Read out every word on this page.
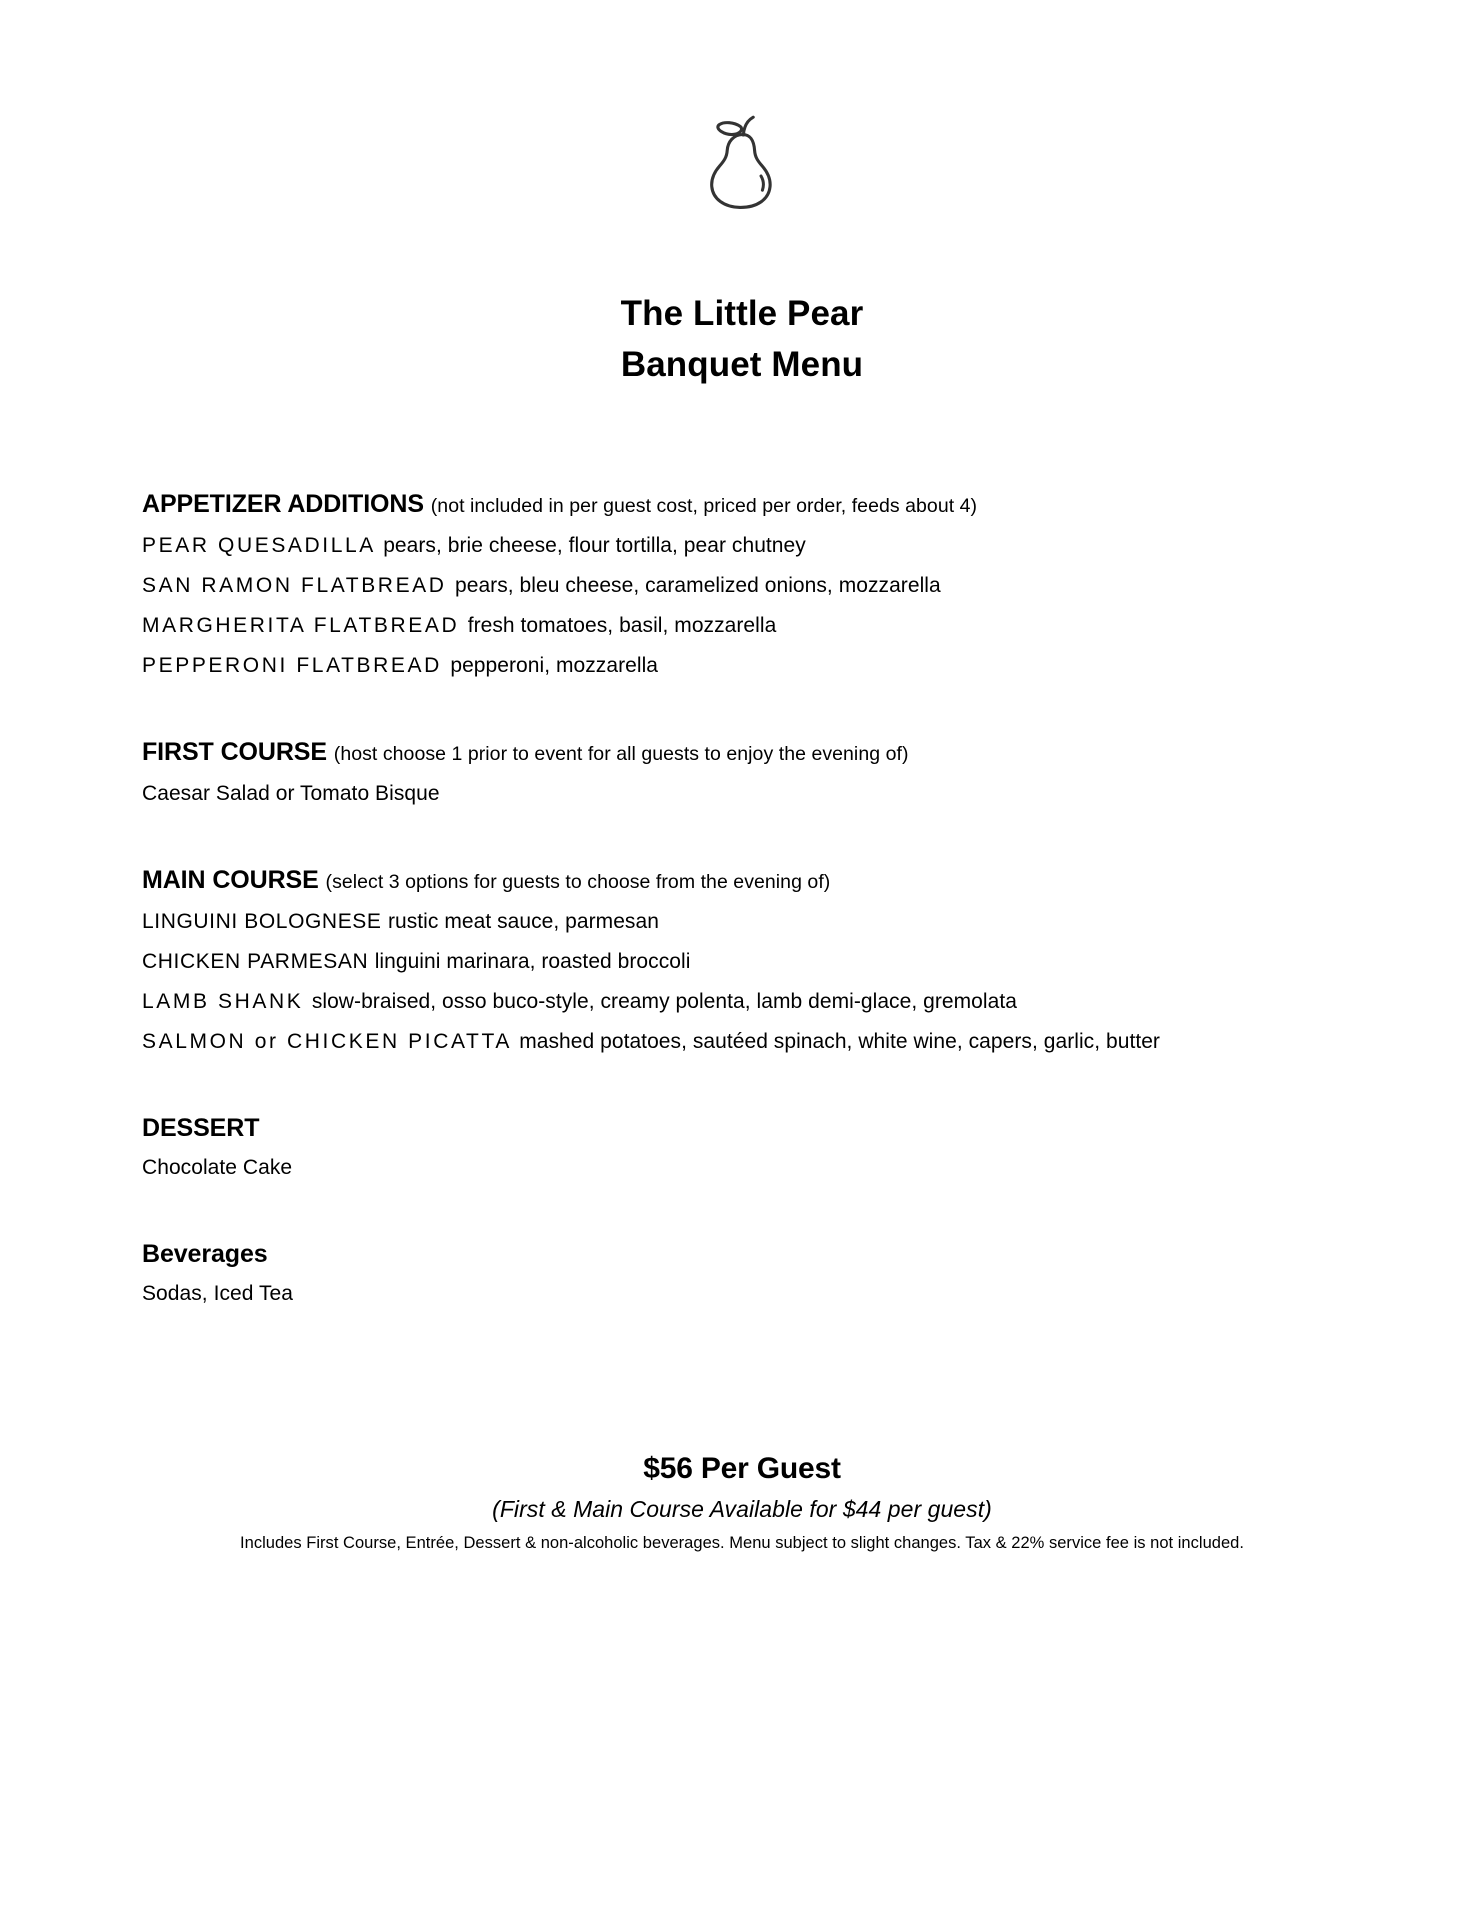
The Little Pear
Banquet Menu
APPETIZER ADDITIONS (not included in per guest cost, priced per order, feeds about 4)
PEAR QUESADILLA pears, brie cheese, flour tortilla, pear chutney
SAN RAMON FLATBREAD pears, bleu cheese, caramelized onions, mozzarella
MARGHERITA FLATBREAD fresh tomatoes, basil, mozzarella
PEPPERONI FLATBREAD pepperoni, mozzarella
FIRST COURSE (host choose 1 prior to event for all guests to enjoy the evening of)
Caesar Salad or Tomato Bisque
MAIN COURSE (select 3 options for guests to choose from the evening of)
LINGUINI BOLOGNESE rustic meat sauce, parmesan
CHICKEN PARMESAN linguini marinara, roasted broccoli
LAMB SHANK slow-braised, osso buco-style, creamy polenta, lamb demi-glace, gremolata
SALMON or CHICKEN PICATTA mashed potatoes, sautéed spinach, white wine, capers, garlic, butter
DESSERT
Chocolate Cake
Beverages
Sodas, Iced Tea
$56 Per Guest
(First & Main Course Available for $44 per guest)
Includes First Course, Entrée, Dessert & non-alcoholic beverages. Menu subject to slight changes. Tax & 22% service fee is not included.
